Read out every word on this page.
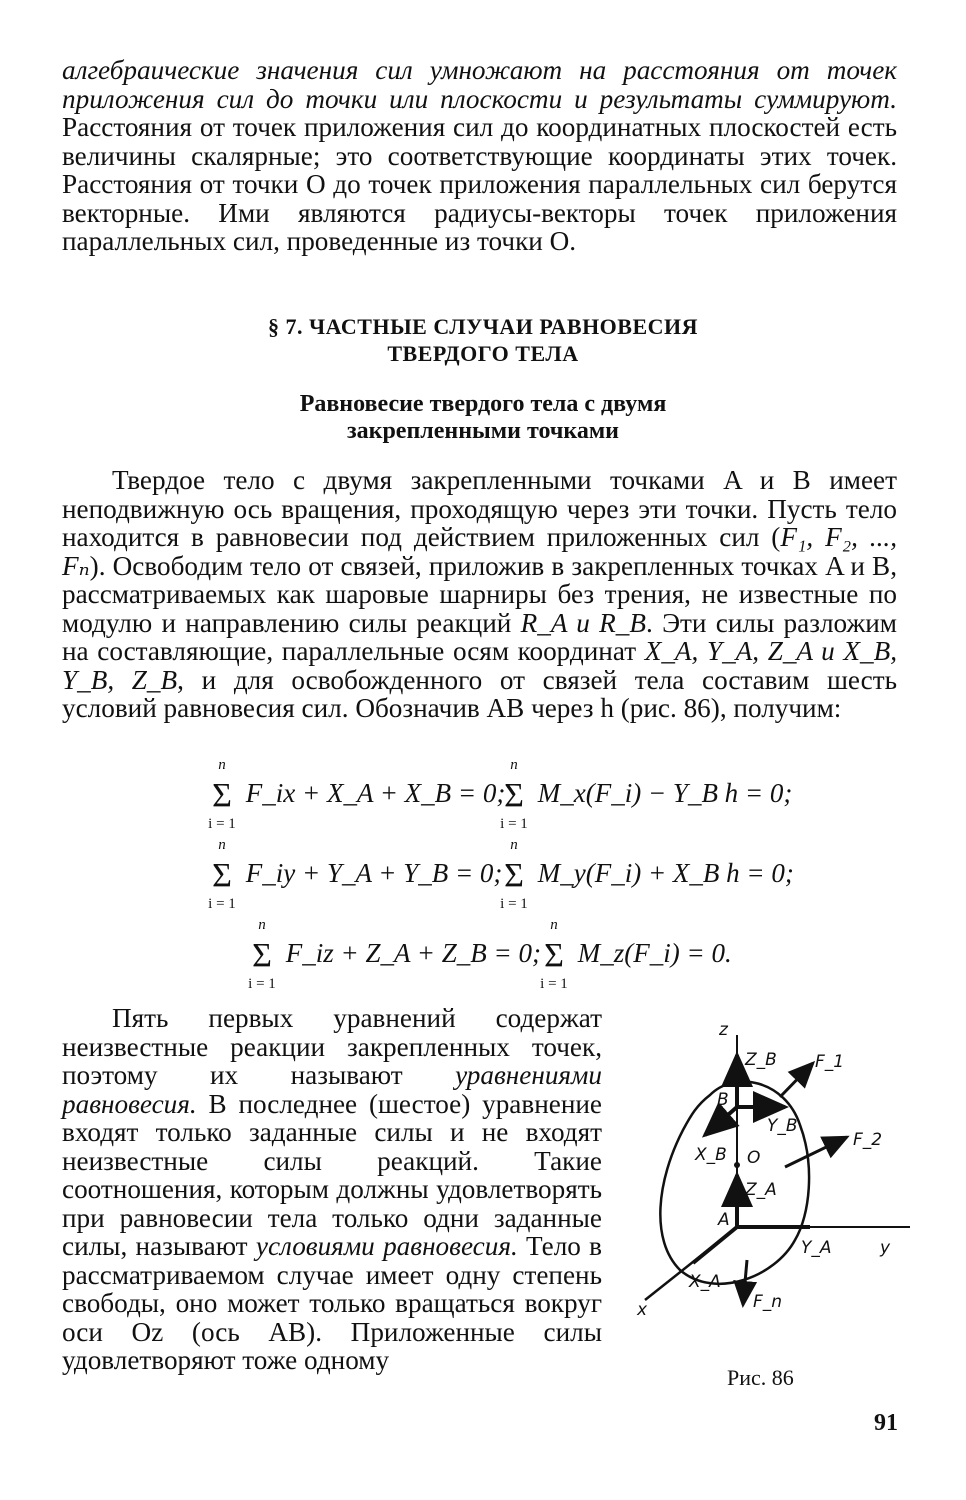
алгебраические значения сил умножают на расстояния от точек приложения сил до точки или плоскости и результаты суммируют. Расстояния от точек приложения сил до координатных плоскостей есть величины скалярные; это соответствующие координаты этих точек. Расстояния от точки O до точек приложения параллельных сил берутся векторные. Ими являются радиусы-векторы точек приложения параллельных сил, проведенные из точки O.

§ 7. ЧАСТНЫЕ СЛУЧАИ РАВНОВЕСИЯ
ТВЕРДОГО ТЕЛА
Равновесие твердого тела с двумя
закрепленными точками

Твердое тело с двумя закрепленными точками A и B имеет неподвижную ось вращения, проходящую через эти точки. Пусть тело находится в равновесии под действием приложенных сил (F₁, F₂, ..., Fₙ). Освободим тело от связей, приложив в закрепленных точках A и B, рассматриваемых как шаровые шарниры без трения, не известные по модулю и направлению силы реакций R_A и R_B. Эти силы разложим на составляющие, параллельные осям координат X_A, Y_A, Z_A и X_B, Y_B, Z_B, и для освобожденного от связей тела составим шесть условий равновесия сил. Обозначив AB через h (рис. 86), получим:

n
Σ
i = 1
F_ix + X_A + X_B = 0;
n
Σ
i = 1
M_x(F_i) − Y_B h = 0;
n
Σ
i = 1
F_iy + Y_A + Y_B = 0;
n
Σ
i = 1
M_y(F_i) + X_B h = 0;
n
Σ
i = 1
F_iz + Z_A + Z_B = 0;
n
Σ
i = 1
M_z(F_i) = 0.

Пять первых уравнений содержат неизвестные реакции закрепленных точек, поэтому их называют уравнениями равновесия. В последнее (шестое) уравнение входят только заданные силы и не входят неизвестные силы реакций. Такие соотношения, которым должны удовлетворять при равновесии тела только одни заданные силы, называют условиями равновесия. Тело в рассматриваемом случае имеет одну степень свободы, оно может только вращаться вокруг оси Oz (ось AB). Приложенные силы удовлетворяют тоже одному

z
y
x
A
B
O
Z_B
Z_A
Y_B
Y_A
X_B
X_A
F_1
F_2
F_n
Рис. 86
91
